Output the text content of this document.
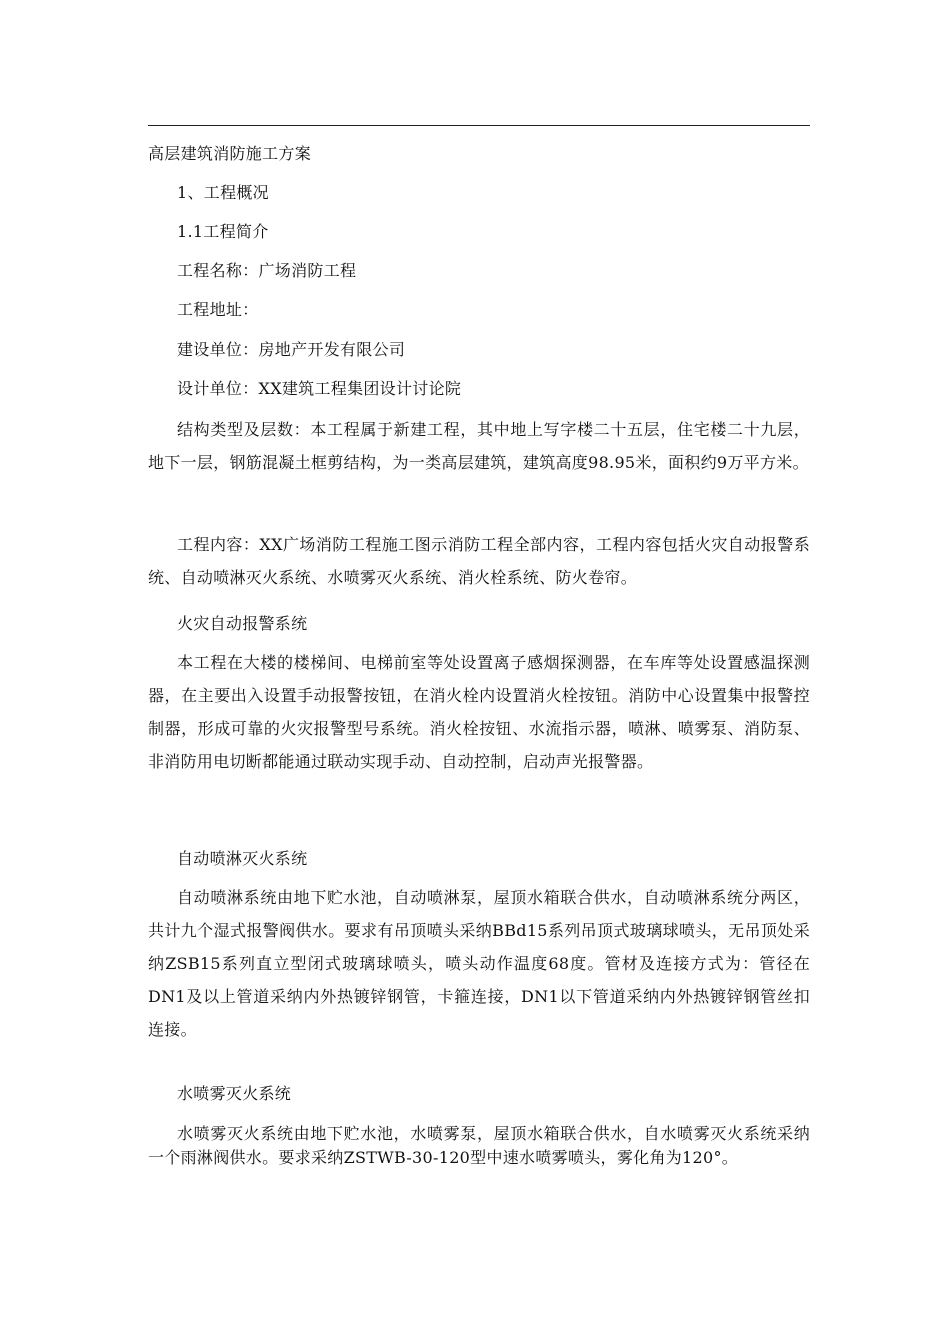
高层建筑消防施工方案
1、工程概况
1.1工程简介
工程名称：广场消防工程
工程地址：
建设单位：房地产开发有限公司
设计单位：XX建筑工程集团设计讨论院
结构类型及层数：本工程属于新建工程，其中地上写字楼二十五层，住宅楼二十九层，地下一层，钢筋混凝土框剪结构，为一类高层建筑，建筑高度98.95米，面积约9万平方米。
工程内容：XX广场消防工程施工图示消防工程全部内容，工程内容包括火灾自动报警系统、自动喷淋灭火系统、水喷雾灭火系统、消火栓系统、防火卷帘。
火灾自动报警系统
本工程在大楼的楼梯间、电梯前室等处设置离子感烟探测器，在车库等处设置感温探测器，在主要出入设置手动报警按钮，在消火栓内设置消火栓按钮。消防中心设置集中报警控制器，形成可靠的火灾报警型号系统。消火栓按钮、水流指示器，喷淋、喷雾泵、消防泵、非消防用电切断都能通过联动实现手动、自动控制，启动声光报警器。
自动喷淋灭火系统
自动喷淋系统由地下贮水池，自动喷淋泵，屋顶水箱联合供水，自动喷淋系统分两区，共计九个湿式报警阀供水。要求有吊顶喷头采纳BBd15系列吊顶式玻璃球喷头，无吊顶处采纳ZSB15系列直立型闭式玻璃球喷头，喷头动作温度68度。管材及连接方式为：管径在DN1及以上管道采纳内外热镀锌钢管，卡箍连接，DN1以下管道采纳内外热镀锌钢管丝扣连接。
水喷雾灭火系统
水喷雾灭火系统由地下贮水池，水喷雾泵，屋顶水箱联合供水，自水喷雾灭火系统采纳一个雨淋阀供水。要求采纳ZSTWB-30-120型中速水喷雾喷头，雾化角为120°。
